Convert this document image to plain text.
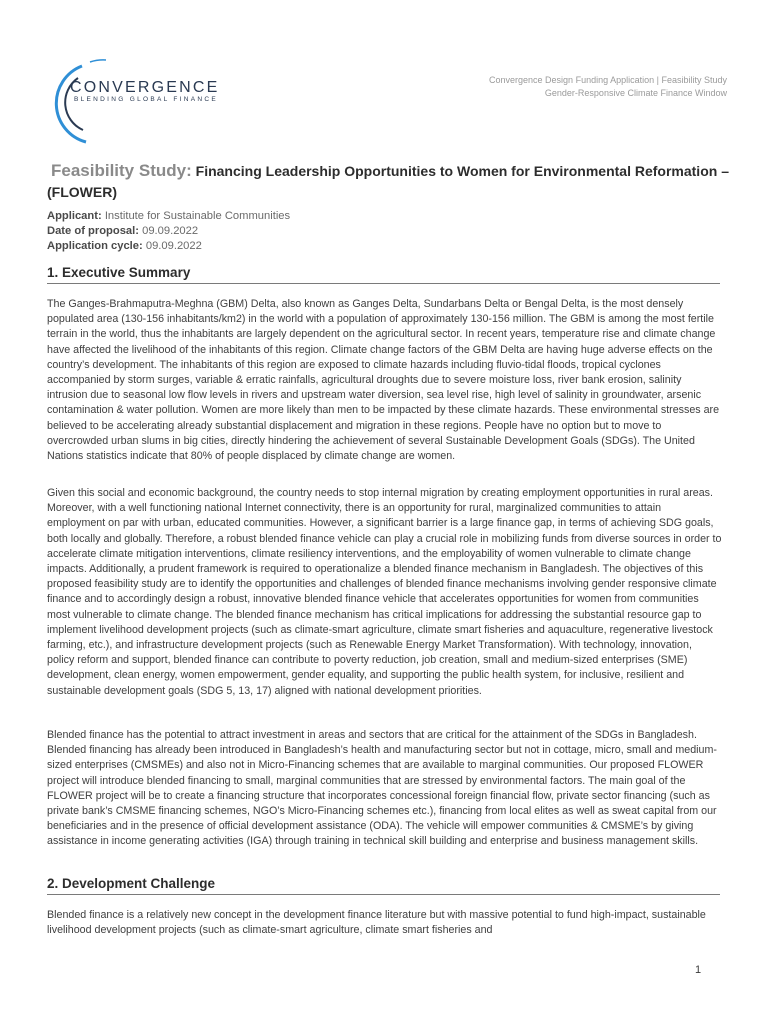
CONVERGENCE
BLENDING GLOBAL FINANCE
Convergence Design Funding Application | Feasibility Study
Gender-Responsive Climate Finance Window
Feasibility Study: Financing Leadership Opportunities to Women for Environmental Reformation – (FLOWER)
Applicant: Institute for Sustainable Communities
Date of proposal: 09.09.2022
Application cycle: 09.09.2022
1. Executive Summary

The Ganges-Brahmaputra-Meghna (GBM) Delta, also known as Ganges Delta, Sundarbans Delta or Bengal Delta, is the most densely populated area (130-156 inhabitants/km2) in the world with a population of approximately 130-156 million. The GBM is among the most fertile terrain in the world, thus the inhabitants are largely dependent on the agricultural sector. In recent years, temperature rise and climate change have affected the livelihood of the inhabitants of this region. Climate change factors of the GBM Delta are having huge adverse effects on the country’s development. The inhabitants of this region are exposed to climate hazards including fluvio-tidal floods, tropical cyclones accompanied by storm surges, variable & erratic rainfalls, agricultural droughts due to severe moisture loss, river bank erosion, salinity intrusion due to seasonal low flow levels in rivers and upstream water diversion, sea level rise, high level of salinity in groundwater, arsenic contamination & water pollution. Women are more likely than men to be impacted by these climate hazards. These environmental stresses are believed to be accelerating already substantial displacement and migration in these regions. People have no option but to move to overcrowded urban slums in big cities, directly hindering the achievement of several Sustainable Development Goals (SDGs). The United Nations statistics indicate that 80% of people displaced by climate change are women.

Given this social and economic background, the country needs to stop internal migration by creating employment opportunities in rural areas. Moreover, with a well functioning national Internet connectivity, there is an opportunity for rural, marginalized communities to attain employment on par with urban, educated communities. However, a significant barrier is a large finance gap, in terms of achieving SDG goals, both locally and globally. Therefore, a robust blended finance vehicle can play a crucial role in mobilizing funds from diverse sources in order to accelerate climate mitigation interventions, climate resiliency interventions, and the employability of women vulnerable to climate change impacts. Additionally, a prudent framework is required to operationalize a blended finance mechanism in Bangladesh. The objectives of this proposed feasibility study are to identify the opportunities and challenges of blended finance mechanisms involving gender responsive climate finance and to accordingly design a robust, innovative blended finance vehicle that accelerates opportunities for women from communities most vulnerable to climate change. The blended finance mechanism has critical implications for addressing the substantial resource gap to implement livelihood development projects (such as climate-smart agriculture, climate smart fisheries and aquaculture, regenerative livestock farming, etc.), and infrastructure development projects (such as Renewable Energy Market Transformation). With technology, innovation, policy reform and support, blended finance can contribute to poverty reduction, job creation, small and medium-sized enterprises (SME) development, clean energy, women empowerment, gender equality, and supporting the public health system, for inclusive, resilient and sustainable development goals (SDG 5, 13, 17) aligned with national development priorities.

Blended finance has the potential to attract investment in areas and sectors that are critical for the attainment of the SDGs in Bangladesh. Blended financing has already been introduced in Bangladesh’s health and manufacturing sector but not in cottage, micro, small and medium-sized enterprises (CMSMEs) and also not in Micro-Financing schemes that are available to marginal communities. Our proposed FLOWER project will introduce blended financing to small, marginal communities that are stressed by environmental factors. The main goal of the FLOWER project will be to create a financing structure that incorporates concessional foreign financial flow, private sector financing (such as private bank’s CMSME financing schemes, NGO’s Micro-Financing schemes etc.), financing from local elites as well as sweat capital from our beneficiaries and in the presence of official development assistance (ODA). The vehicle will empower communities & CMSME’s by giving assistance in income generating activities (IGA) through training in technical skill building and enterprise and business management skills.

2. Development Challenge

Blended finance is a relatively new concept in the development finance literature but with massive potential to fund high-impact, sustainable livelihood development projects (such as climate-smart agriculture, climate smart fisheries and

1
